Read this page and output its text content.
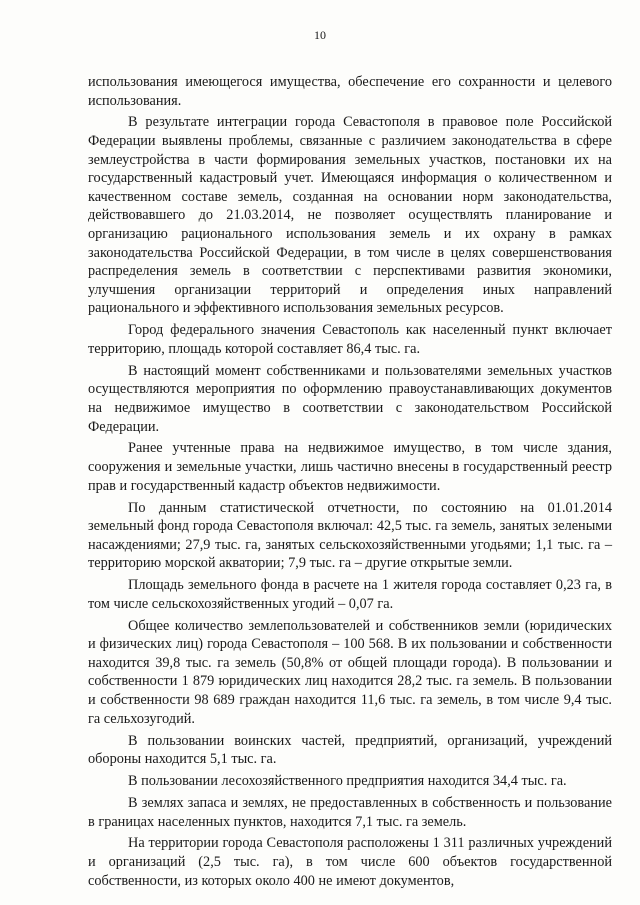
10

использования имеющегося имущества, обеспечение его сохранности и целевого использования.

В результате интеграции города Севастополя в правовое поле Российской Федерации выявлены проблемы, связанные с различием законодательства в сфере землеустройства в части формирования земельных участков, постановки их на государственный кадастровый учет. Имеющаяся информация о количественном и качественном составе земель, созданная на основании норм законодательства, действовавшего до 21.03.2014, не позволяет осуществлять планирование и организацию рационального использования земель и их охрану в рамках законодательства Российской Федерации, в том числе в целях совершенствования распределения земель в соответствии с перспективами развития экономики, улучшения организации территорий и определения иных направлений рационального и эффективного использования земельных ресурсов.

Город федерального значения Севастополь как населенный пункт включает территорию, площадь которой составляет 86,4 тыс. га.

В настоящий момент собственниками и пользователями земельных участков осуществляются мероприятия по оформлению правоустанавливающих документов на недвижимое имущество в соответствии с законодательством Российской Федерации.

Ранее учтенные права на недвижимое имущество, в том числе здания, сооружения и земельные участки, лишь частично внесены в государственный реестр прав и государственный кадастр объектов недвижимости.

По данным статистической отчетности, по состоянию на 01.01.2014 земельный фонд города Севастополя включал: 42,5 тыс. га земель, занятых зелеными насаждениями; 27,9 тыс. га, занятых сельскохозяйственными угодьями; 1,1 тыс. га – территорию морской акватории; 7,9 тыс. га – другие открытые земли.

Площадь земельного фонда в расчете на 1 жителя города составляет 0,23 га, в том числе сельскохозяйственных угодий – 0,07 га.

Общее количество землепользователей и собственников земли (юридических и физических лиц) города Севастополя – 100 568. В их пользовании и собственности находится 39,8 тыс. га земель (50,8% от общей площади города). В пользовании и собственности 1 879 юридических лиц находится 28,2 тыс. га земель. В пользовании и собственности 98 689 граждан находится 11,6 тыс. га земель, в том числе 9,4 тыс. га сельхозугодий.

В пользовании воинских частей, предприятий, организаций, учреждений обороны находится 5,1 тыс. га.

В пользовании лесохозяйственного предприятия находится 34,4 тыс. га.

В землях запаса и землях, не предоставленных в собственность и пользование в границах населенных пунктов, находится 7,1 тыс. га земель.

На территории города Севастополя расположены 1 311 различных учреждений и организаций (2,5 тыс. га), в том числе 600 объектов государственной собственности, из которых около 400 не имеют документов,
